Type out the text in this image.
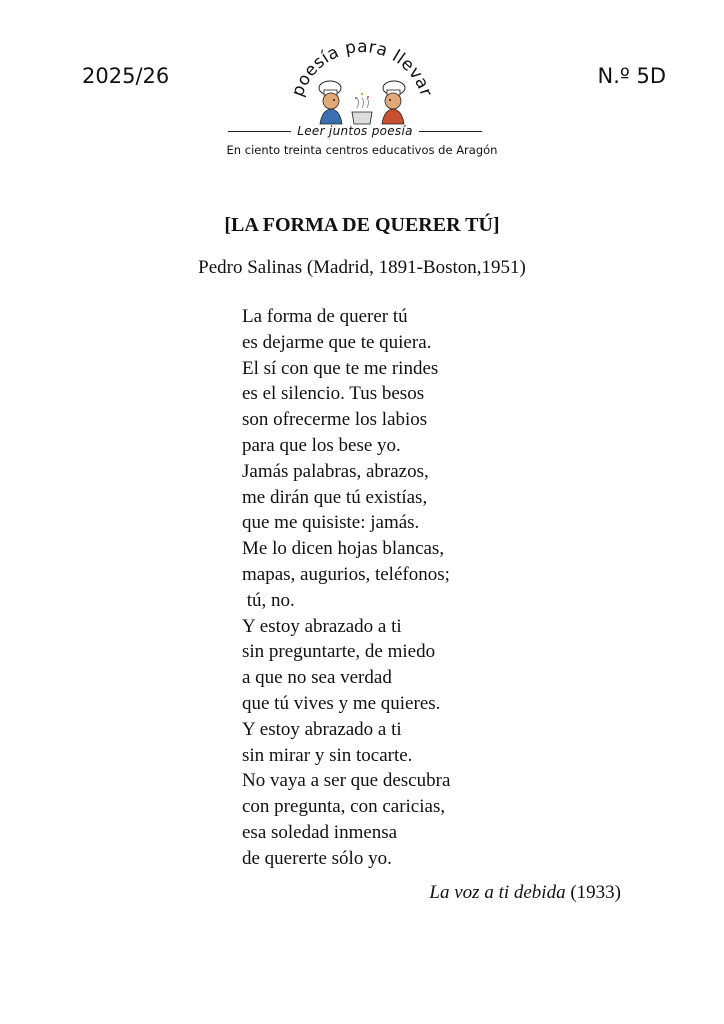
2025/26	N.º 5D
poesía para llevar
Leer juntos poesía
En ciento treinta centros educativos de Aragón
[LA FORMA DE QUERER TÚ]
Pedro Salinas (Madrid, 1891-Boston,1951)
La forma de querer tú
es dejarme que te quiera.
El sí con que te me rindes
es el silencio. Tus besos
son ofrecerme los labios
para que los bese yo.
Jamás palabras, abrazos,
me dirán que tú existías,
que me quisiste: jamás.
Me lo dicen hojas blancas,
mapas, augurios, teléfonos;
tú, no.
Y estoy abrazado a ti
sin preguntarte, de miedo
a que no sea verdad
que tú vives y me quieres.
Y estoy abrazado a ti
sin mirar y sin tocarte.
No vaya a ser que descubra
con pregunta, con caricias,
esa soledad inmensa
de quererte sólo yo.
La voz a ti debida (1933)
